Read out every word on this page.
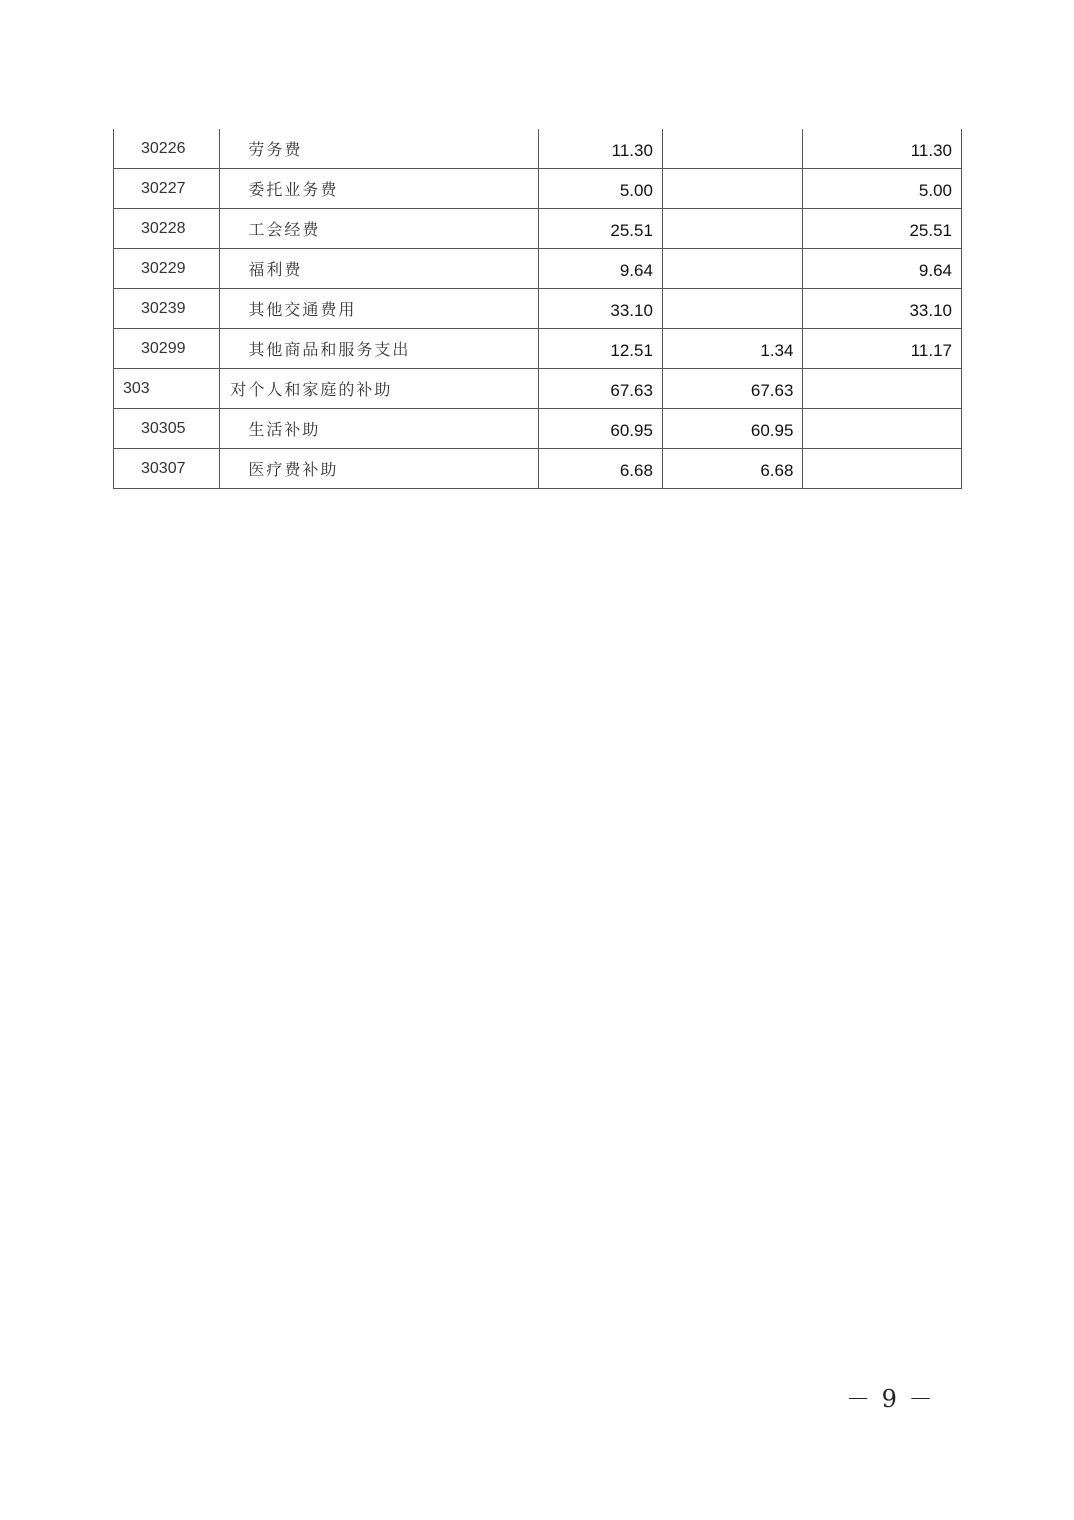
30226	劳务费	11.30		11.30
30227	委托业务费	5.00		5.00
30228	工会经费	25.51		25.51
30229	福利费	9.64		9.64
30239	其他交通费用	33.10		33.10
30299	其他商品和服务支出	12.51	1.34	11.17
303	对个人和家庭的补助	67.63	67.63	
30305	生活补助	60.95	60.95	
30307	医疗费补助	6.68	6.68	
－ 9 －
